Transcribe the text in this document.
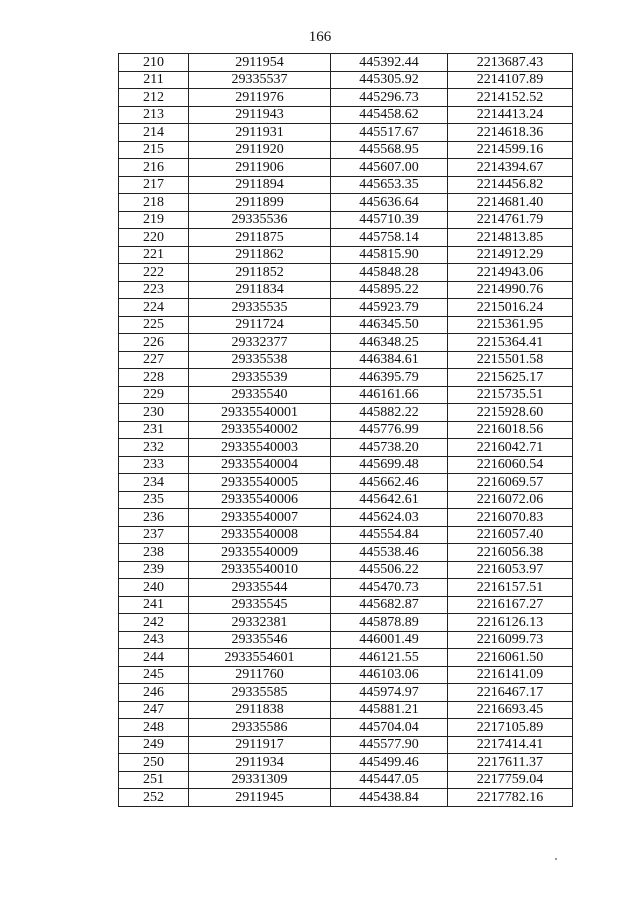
166
210	2911954	445392.44	2213687.43
211	29335537	445305.92	2214107.89
212	2911976	445296.73	2214152.52
213	2911943	445458.62	2214413.24
214	2911931	445517.67	2214618.36
215	2911920	445568.95	2214599.16
216	2911906	445607.00	2214394.67
217	2911894	445653.35	2214456.82
218	2911899	445636.64	2214681.40
219	29335536	445710.39	2214761.79
220	2911875	445758.14	2214813.85
221	2911862	445815.90	2214912.29
222	2911852	445848.28	2214943.06
223	2911834	445895.22	2214990.76
224	29335535	445923.79	2215016.24
225	2911724	446345.50	2215361.95
226	29332377	446348.25	2215364.41
227	29335538	446384.61	2215501.58
228	29335539	446395.79	2215625.17
229	29335540	446161.66	2215735.51
230	29335540001	445882.22	2215928.60
231	29335540002	445776.99	2216018.56
232	29335540003	445738.20	2216042.71
233	29335540004	445699.48	2216060.54
234	29335540005	445662.46	2216069.57
235	29335540006	445642.61	2216072.06
236	29335540007	445624.03	2216070.83
237	29335540008	445554.84	2216057.40
238	29335540009	445538.46	2216056.38
239	29335540010	445506.22	2216053.97
240	29335544	445470.73	2216157.51
241	29335545	445682.87	2216167.27
242	29332381	445878.89	2216126.13
243	29335546	446001.49	2216099.73
244	2933554601	446121.55	2216061.50
245	2911760	446103.06	2216141.09
246	29335585	445974.97	2216467.17
247	2911838	445881.21	2216693.45
248	29335586	445704.04	2217105.89
249	2911917	445577.90	2217414.41
250	2911934	445499.46	2217611.37
251	29331309	445447.05	2217759.04
252	2911945	445438.84	2217782.16
